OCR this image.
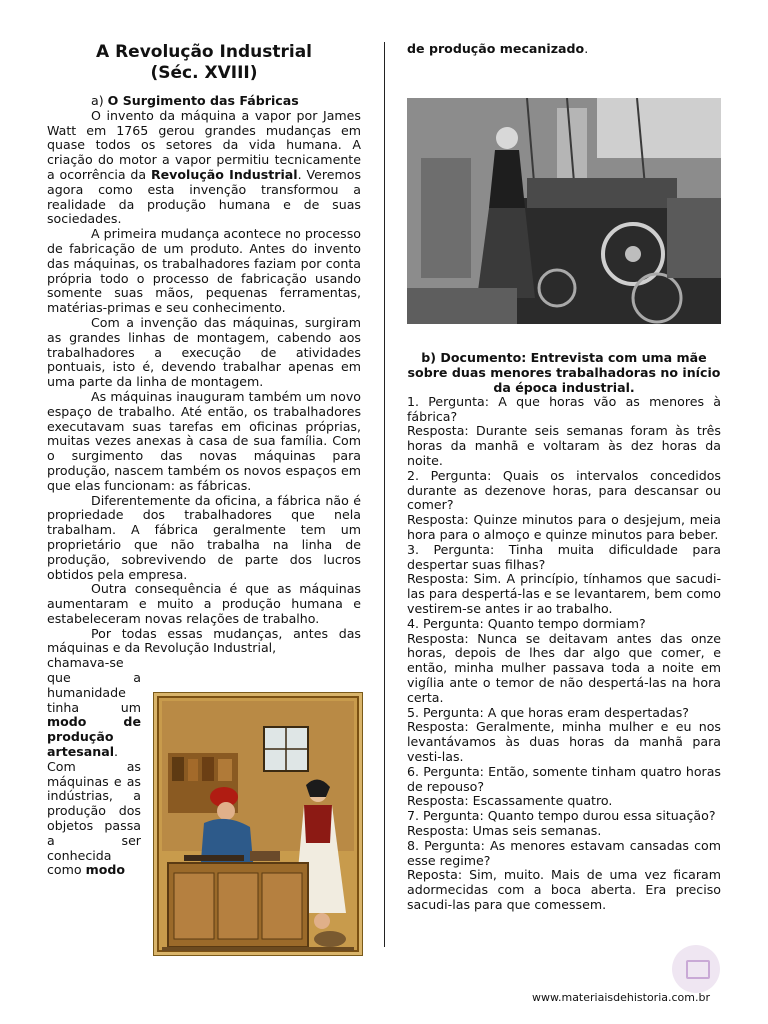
A Revolução Industrial
(Séc. XVIII)

a) O Surgimento das Fábricas

O invento da máquina a vapor por James Watt em 1765 gerou grandes mudanças em quase todos os setores da vida humana. A criação do motor a vapor permitiu tecnicamente a ocorrência da Revolução Industrial. Veremos agora como esta invenção transformou a realidade da produção humana e de suas sociedades.

A primeira mudança acontece no processo de fabricação de um produto. Antes do invento das máquinas, os trabalhadores faziam por conta própria todo o processo de fabricação usando somente suas mãos, pequenas ferramentas, matérias-primas e seu conhecimento.

Com a invenção das máquinas, surgiram as grandes linhas de montagem, cabendo aos trabalhadores a execução de atividades pontuais, isto é, devendo trabalhar apenas em uma parte da linha de montagem.

As máquinas inauguram também um novo espaço de trabalho. Até então, os trabalhadores executavam suas tarefas em oficinas próprias, muitas vezes anexas à casa de sua família. Com o surgimento das novas máquinas para produção, nascem também os novos espaços em que elas funcionam: as fábricas.

Diferentemente da oficina, a fábrica não é propriedade dos trabalhadores que nela trabalham. A fábrica geralmente tem um proprietário que não trabalha na linha de produção, sobrevivendo de parte dos lucros obtidos pela empresa.

Outra consequência é que as máquinas aumentaram e muito a produção humana e estabeleceram novas relações de trabalho.

Por todas essas mudanças, antes das máquinas e da Revolução Industrial,

chamava-se que a humanidade tinha um modo de produção artesanal. Com as máquinas e as indústrias, a produção dos objetos passa a ser conhecida como modo
de produção mecanizado.
b) Documento: Entrevista com uma mãe sobre duas menores trabalhadoras no início da época industrial.

1. Pergunta: A que horas vão as menores à fábrica?

Resposta: Durante seis semanas foram às três horas da manhã e voltaram às dez horas da noite.

2. Pergunta: Quais os intervalos concedidos durante as dezenove horas, para descansar ou comer?

Resposta: Quinze minutos para o desjejum, meia hora para o almoço e quinze minutos para beber.

3. Pergunta: Tinha muita dificuldade para despertar suas filhas?

Resposta: Sim. A princípio, tínhamos que sacudi-las para despertá-las e se levantarem, bem como vestirem-se antes ir ao trabalho.

4. Pergunta: Quanto tempo dormiam?

Resposta: Nunca se deitavam antes das onze horas, depois de lhes dar algo que comer, e então, minha mulher passava toda a noite em vigília ante o temor de não despertá-las na hora certa.

5. Pergunta: A que horas eram despertadas?

Resposta: Geralmente, minha mulher e eu nos levantávamos às duas horas da manhã para vesti-las.

6. Pergunta: Então, somente tinham quatro horas de repouso?

Resposta: Escassamente quatro.

7. Pergunta: Quanto tempo durou essa situação?

Resposta: Umas seis semanas.

8. Pergunta: As menores estavam cansadas com esse regime?

Reposta: Sim, muito. Mais de uma vez ficaram adormecidas com a boca aberta. Era preciso sacudi-las para que comessem.

www.materiaisdehistoria.com.br
